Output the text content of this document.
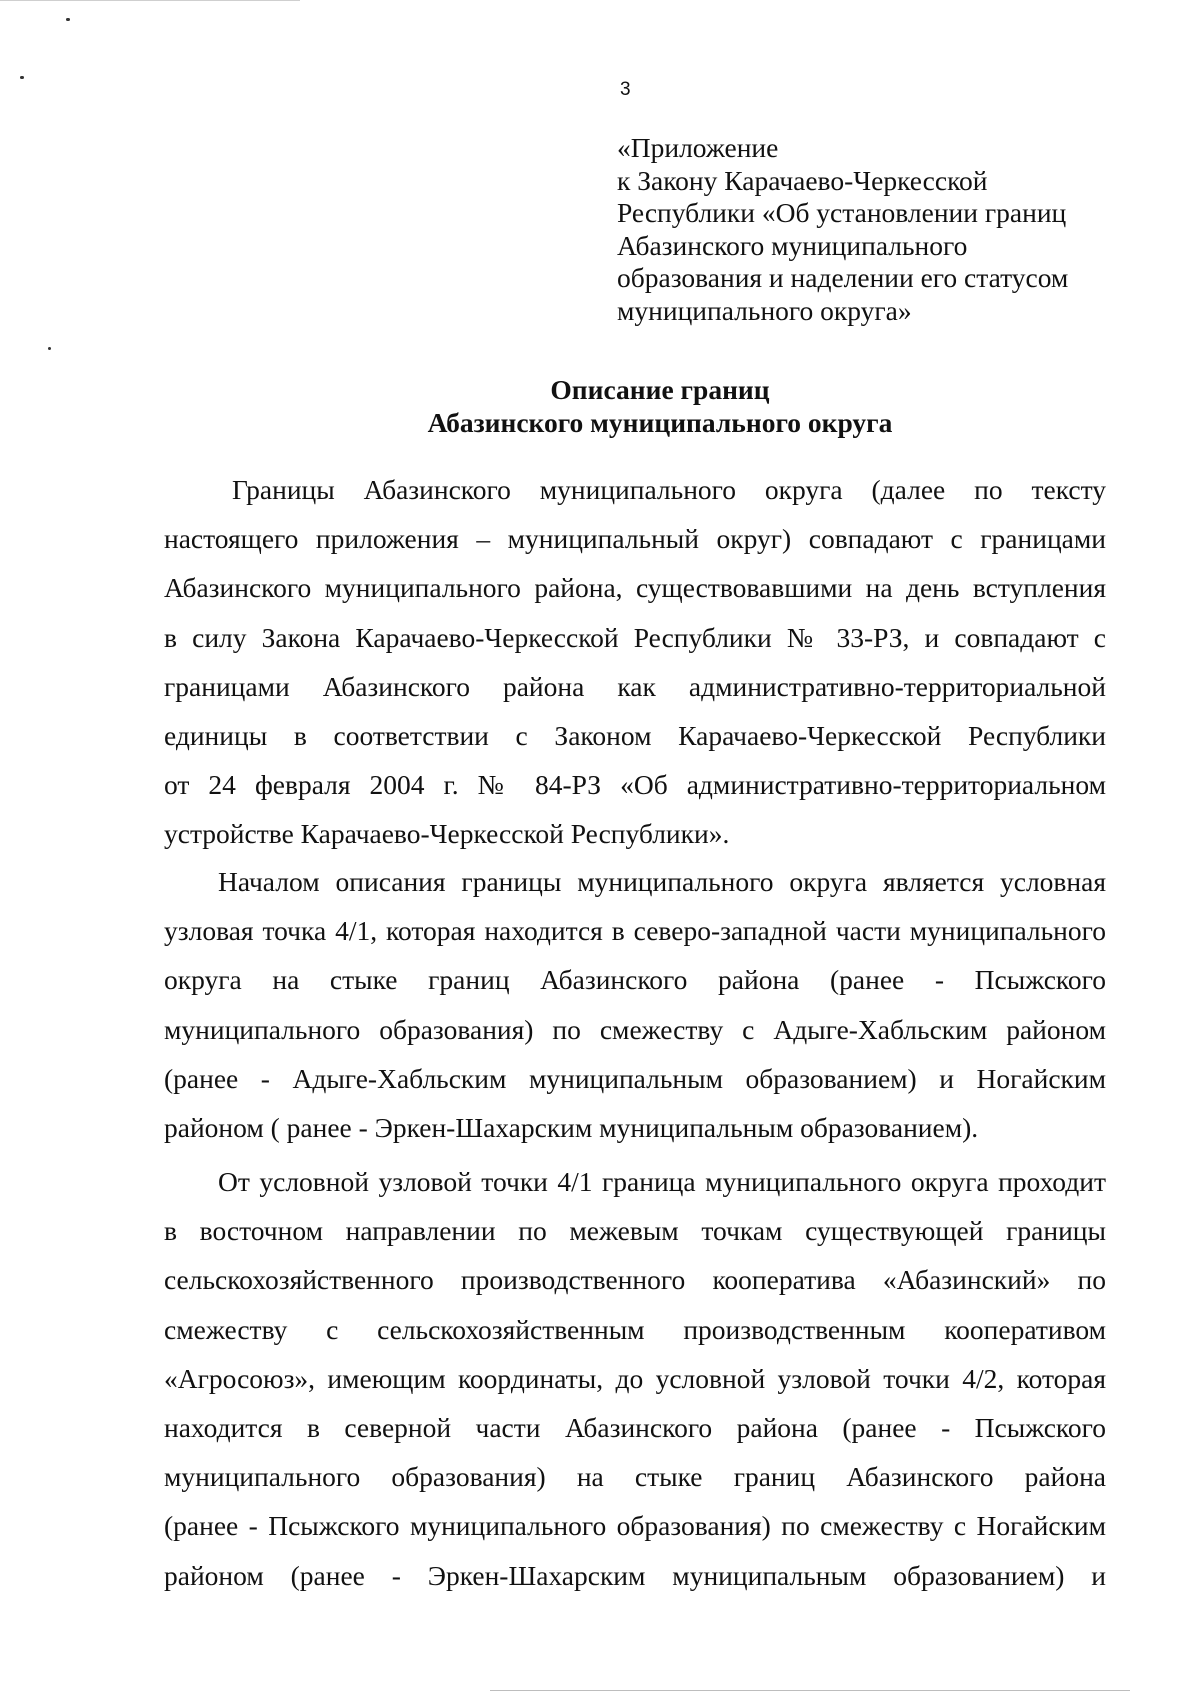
3
«Приложение
к Закону Карачаево-Черкесской
Республики «Об установлении границ
Абазинского муниципального
образования и наделении его статусом
муниципального округа»
Описание границ
Абазинского муниципального округа
Границы Абазинского муниципального округа (далее по тексту
настоящего приложения – муниципальный округ) совпадают с границами
Абазинского муниципального района, существовавшими на день вступления
в силу Закона Карачаево-Черкесской Республики № 33-РЗ, и совпадают с
границами Абазинского района как административно-территориальной
единицы в соответствии с Законом Карачаево-Черкесской Республики
от 24 февраля 2004 г. № 84-РЗ «Об административно-территориальном
устройстве Карачаево-Черкесской Республики».
Началом описания границы муниципального округа является условная
узловая точка 4/1, которая находится в северо-западной части муниципального
округа на стыке границ Абазинского района (ранее - Псыжского
муниципального образования) по смежеству с Адыге-Хабльским районом
(ранее - Адыге-Хабльским муниципальным образованием) и Ногайским
районом ( ранее - Эркен-Шахарским муниципальным образованием).
От условной узловой точки 4/1 граница муниципального округа проходит
в восточном направлении по межевым точкам существующей границы
сельскохозяйственного производственного кооператива «Абазинский» по
смежеству с сельскохозяйственным производственным кооперативом
«Агросоюз», имеющим координаты, до условной узловой точки 4/2, которая
находится в северной части Абазинского района (ранее - Псыжского
муниципального образования) на стыке границ Абазинского района
(ранее - Псыжского муниципального образования) по смежеству с Ногайским
районом (ранее - Эркен-Шахарским муниципальным образованием) и
